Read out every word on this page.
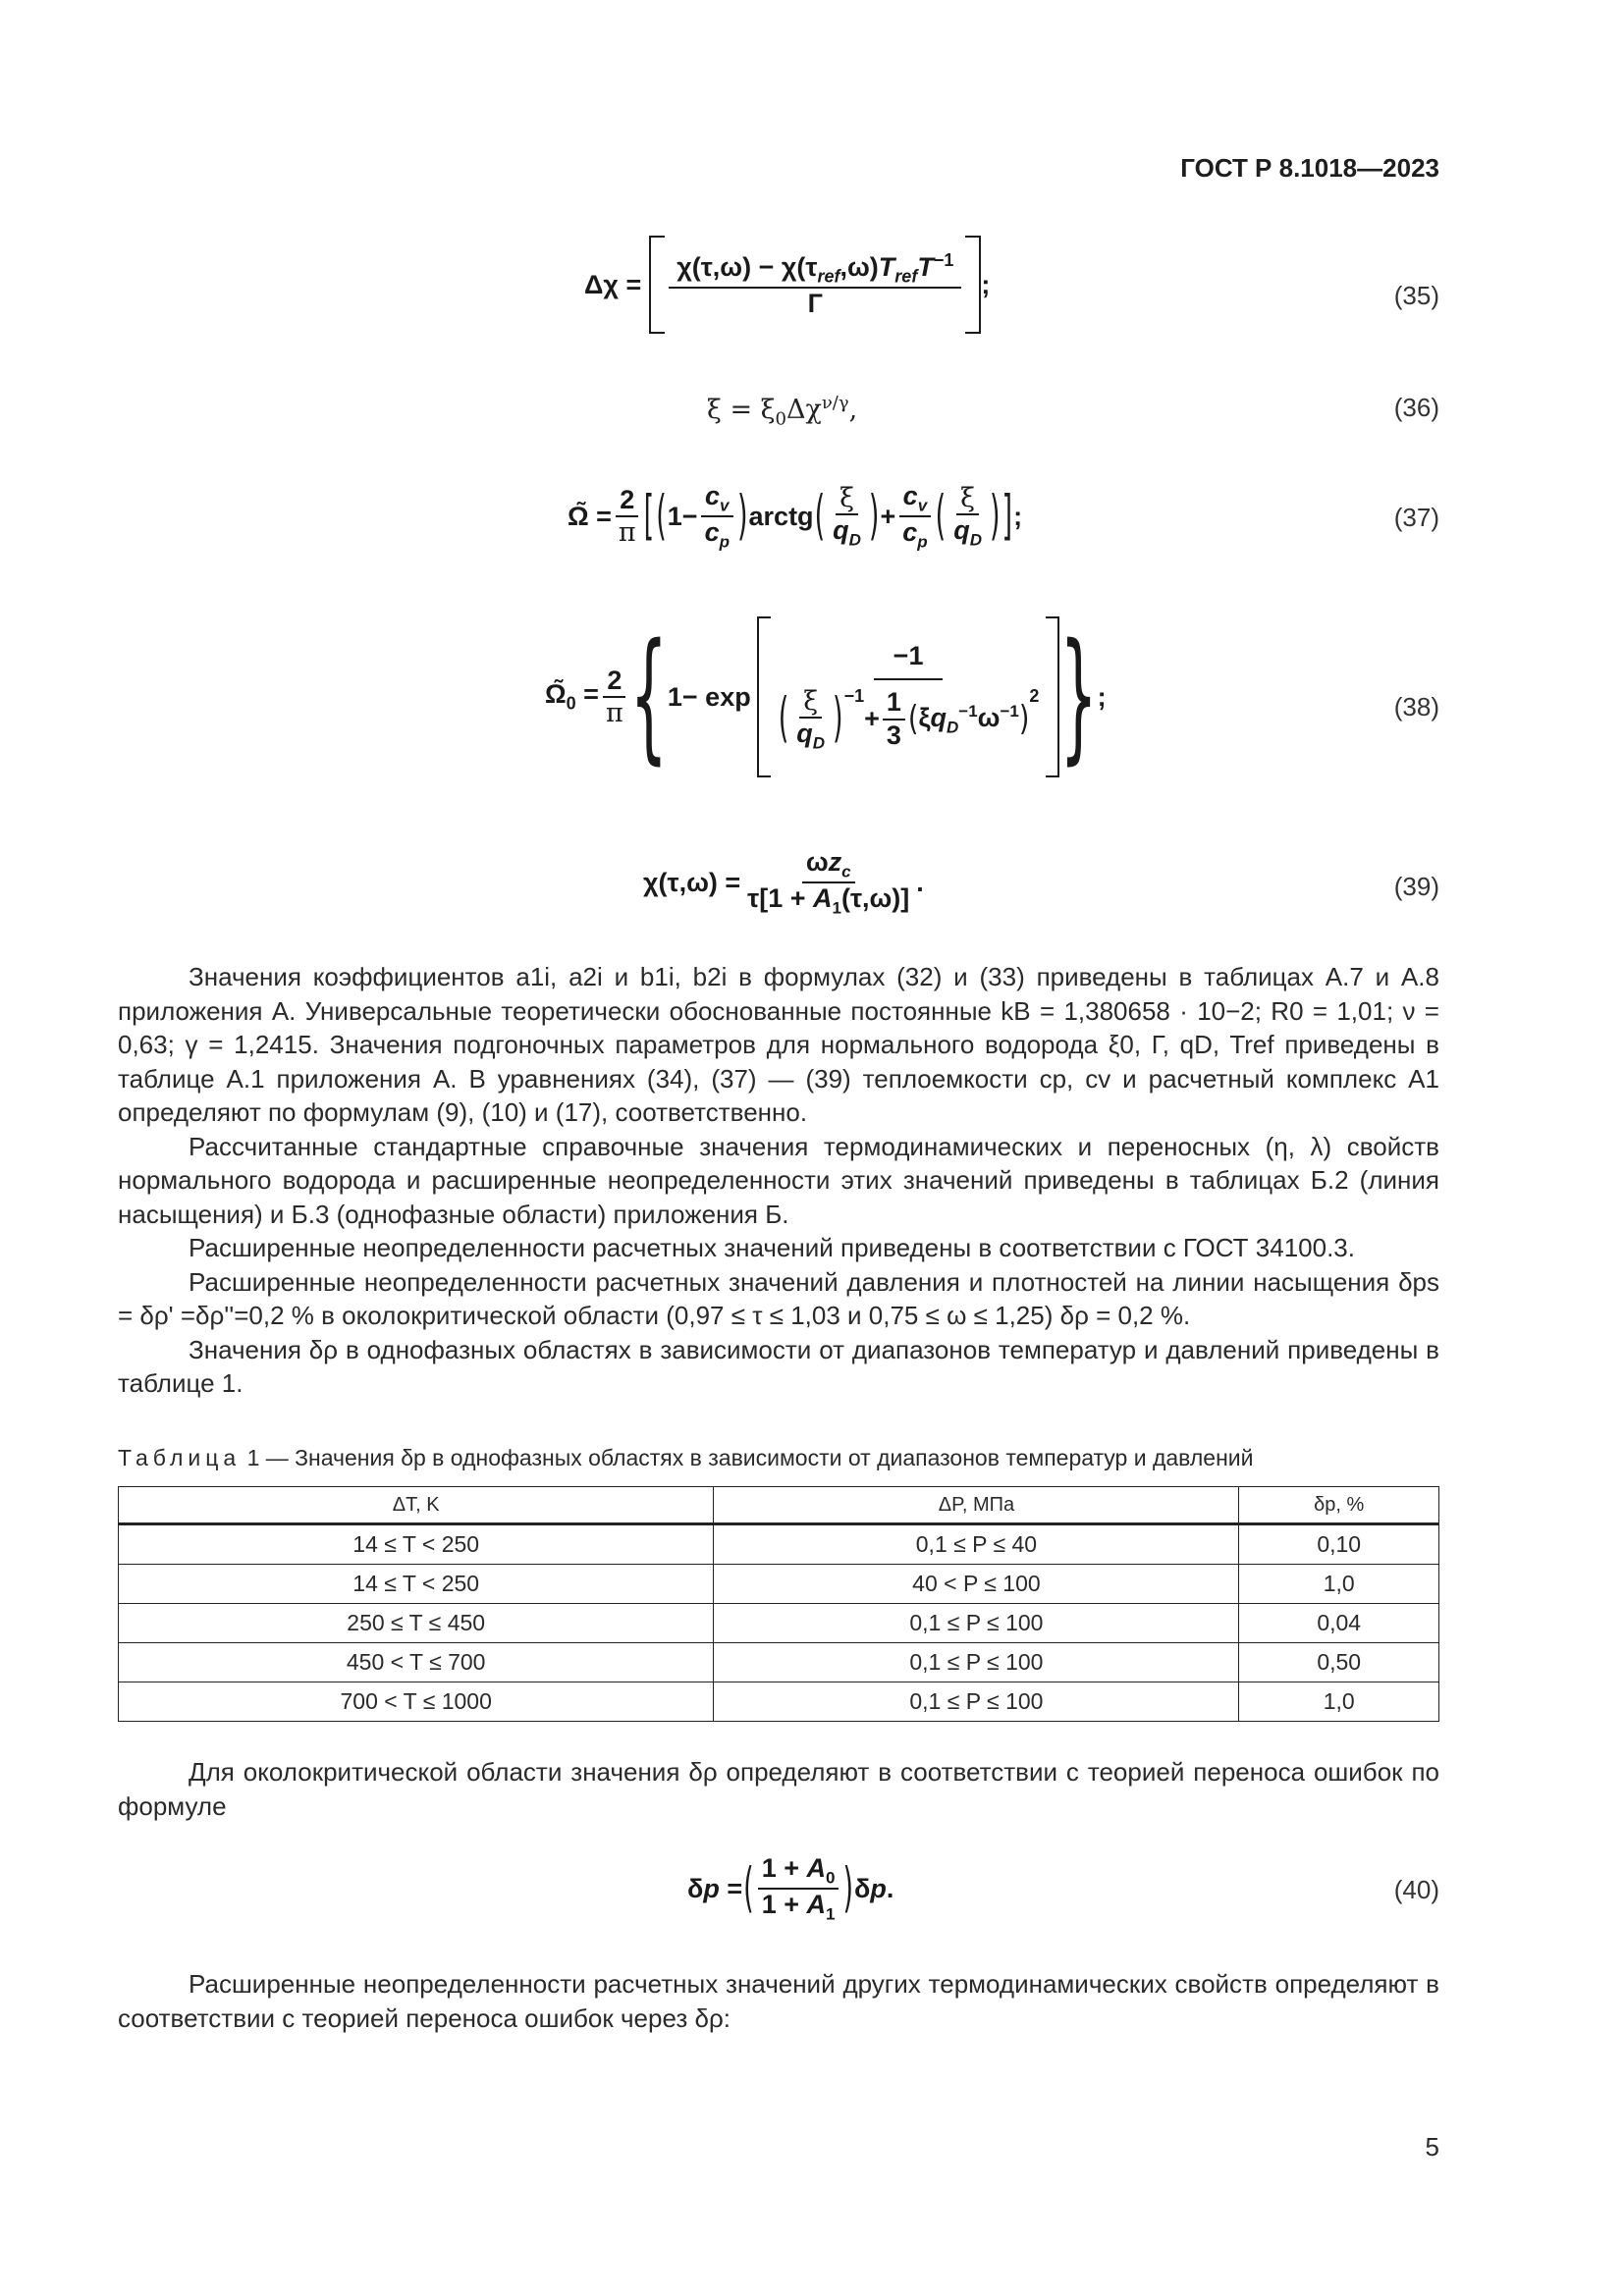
ГОСТ Р 8.1018—2023
$\Delta\chi = \frac{\chi(\tau,\omega) - \chi(\tau_{ref},\omega)T_{ref}T^{-1}}{Г}$ ;	(35)
$\xi = \xi_0\Delta\chi^{\nu/\gamma}$,	(36)
Ω̃ = $\frac{2}{\pi}$ [ ( $1- \frac{c_v}{c_p}$ ) arctg ( $\frac{\xi}{q_D}$ ) + $\frac{c_v}{c_p}$ ( $\frac{\xi}{q_D}$ ) ] ;	(37)
$\Omegã_0 = \frac{2}{\pi}$ { 1− exp −1
( $\frac{\xi}{q_D} )^{-1}$
+ $\frac{1}{3}$ ( $\xi q_D^{-1}\omega^{-1}$ )
$^2$ } ;	(38)
$\chi(\tau,\omega) = \frac{\omega z_c}{\tau[1 + A_1(\tau,\omega)]}$ .	(39)

Значения коэффициентов a1i, a2i и b1i, b2i в формулах (32) и (33) приведены в таблицах А.7 и А.8 приложения А. Универсальные теоретически обоснованные постоянные kB = 1,380658 · 10−2; R0 = 1,01; ν = 0,63; γ = 1,2415. Значения подгоночных параметров для нормального водорода ξ0, Г, qD, Tref приведены в таблице А.1 приложения А. В уравнениях (34), (37) — (39) теплоемкости cp, cv и расчетный комплекс A1 определяют по формулам (9), (10) и (17), соответственно.

Рассчитанные стандартные справочные значения термодинамических и переносных (η, λ) свойств нормального водорода и расширенные неопределенности этих значений приведены в таблицах Б.2 (линия насыщения) и Б.3 (однофазные области) приложения Б.

Расширенные неопределенности расчетных значений приведены в соответствии с ГОСТ 34100.3.

Расширенные неопределенности расчетных значений давления и плотностей на линии насыщения δps = δρ' =δρ''=0,2 % в околокритической области (0,97 ≤ τ ≤ 1,03 и 0,75 ≤ ω ≤ 1,25) δρ = 0,2 %.

Значения δρ в однофазных областях в зависимости от диапазонов температур и давлений приведены в таблице 1.

Таблица 1 — Значения δp в однофазных областях в зависимости от диапазонов температур и давлений
ΔT, K	ΔP, МПа	δp, %
14 ≤ T < 250	0,1 ≤ P ≤ 40	0,10
14 ≤ T < 250	40 < P ≤ 100	1,0
250 ≤ T ≤ 450	0,1 ≤ P ≤ 100	0,04
450 < T ≤ 700	0,1 ≤ P ≤ 100	0,50
700 < T ≤ 1000	0,1 ≤ P ≤ 100	1,0

Для околокритической области значения δρ определяют в соответствии с теорией переноса ошибок по формуле

δp = ( $\frac{1 + A_0}{1 + A_1}$ ) δp.	(40)

Расширенные неопределенности расчетных значений других термодинамических свойств определяют в соответствии с теорией переноса ошибок через δρ:

5
